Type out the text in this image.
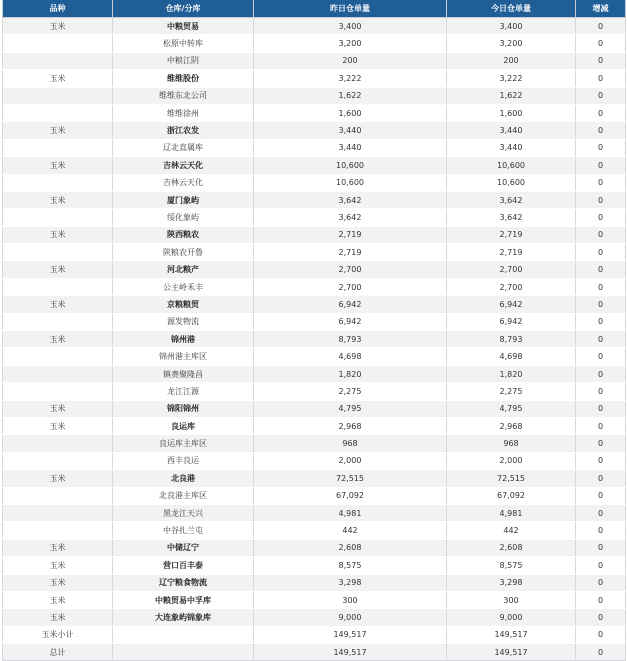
品种	仓库/分库	昨日仓单量	今日仓单量	增减
玉米	中粮贸易	3,400	3,400	0
	松原中转库	3,200	3,200	0
	中粮江阴	200	200	0
玉米	维维股份	3,222	3,222	0
	维维东北公司	1,622	1,622	0
	维维徐州	1,600	1,600	0
玉米	浙江农发	3,440	3,440	0
	辽北直属库	3,440	3,440	0
玉米	吉林云天化	10,600	10,600	0
	吉林云天化	10,600	10,600	0
玉米	厦门象屿	3,642	3,642	0
	绥化象屿	3,642	3,642	0
玉米	陕西粮农	2,719	2,719	0
	陕粮农开鲁	2,719	2,719	0
玉米	河北粮产	2,700	2,700	0
	公主岭禾丰	2,700	2,700	0
玉米	京粮粮贸	6,942	6,942	0
	源发物流	6,942	6,942	0
玉米	锦州港	8,793	8,793	0
	锦州港主库区	4,698	4,698	0
	镇赉聚隆昌	1,820	1,820	0
	龙江江源	2,275	2,275	0
玉米	锦阳锦州	4,795	4,795	0
玉米	良运库	2,968	2,968	0
	良运库主库区	968	968	0
	西丰良运	2,000	2,000	0
玉米	北良港	72,515	72,515	0
	北良港主库区	67,092	67,092	0
	黑龙江天兴	4,981	4,981	0
	中谷扎兰屯	442	442	0
玉米	中储辽宁	2,608	2,608	0
玉米	营口百丰泰	8,575	8,575	0
玉米	辽宁粮食物流	3,298	3,298	0
玉米	中粮贸易中孚库	300	300	0
玉米	大连象屿锦象库	9,000	9,000	0
玉米小计		149,517	149,517	0
总计		149,517	149,517	0
